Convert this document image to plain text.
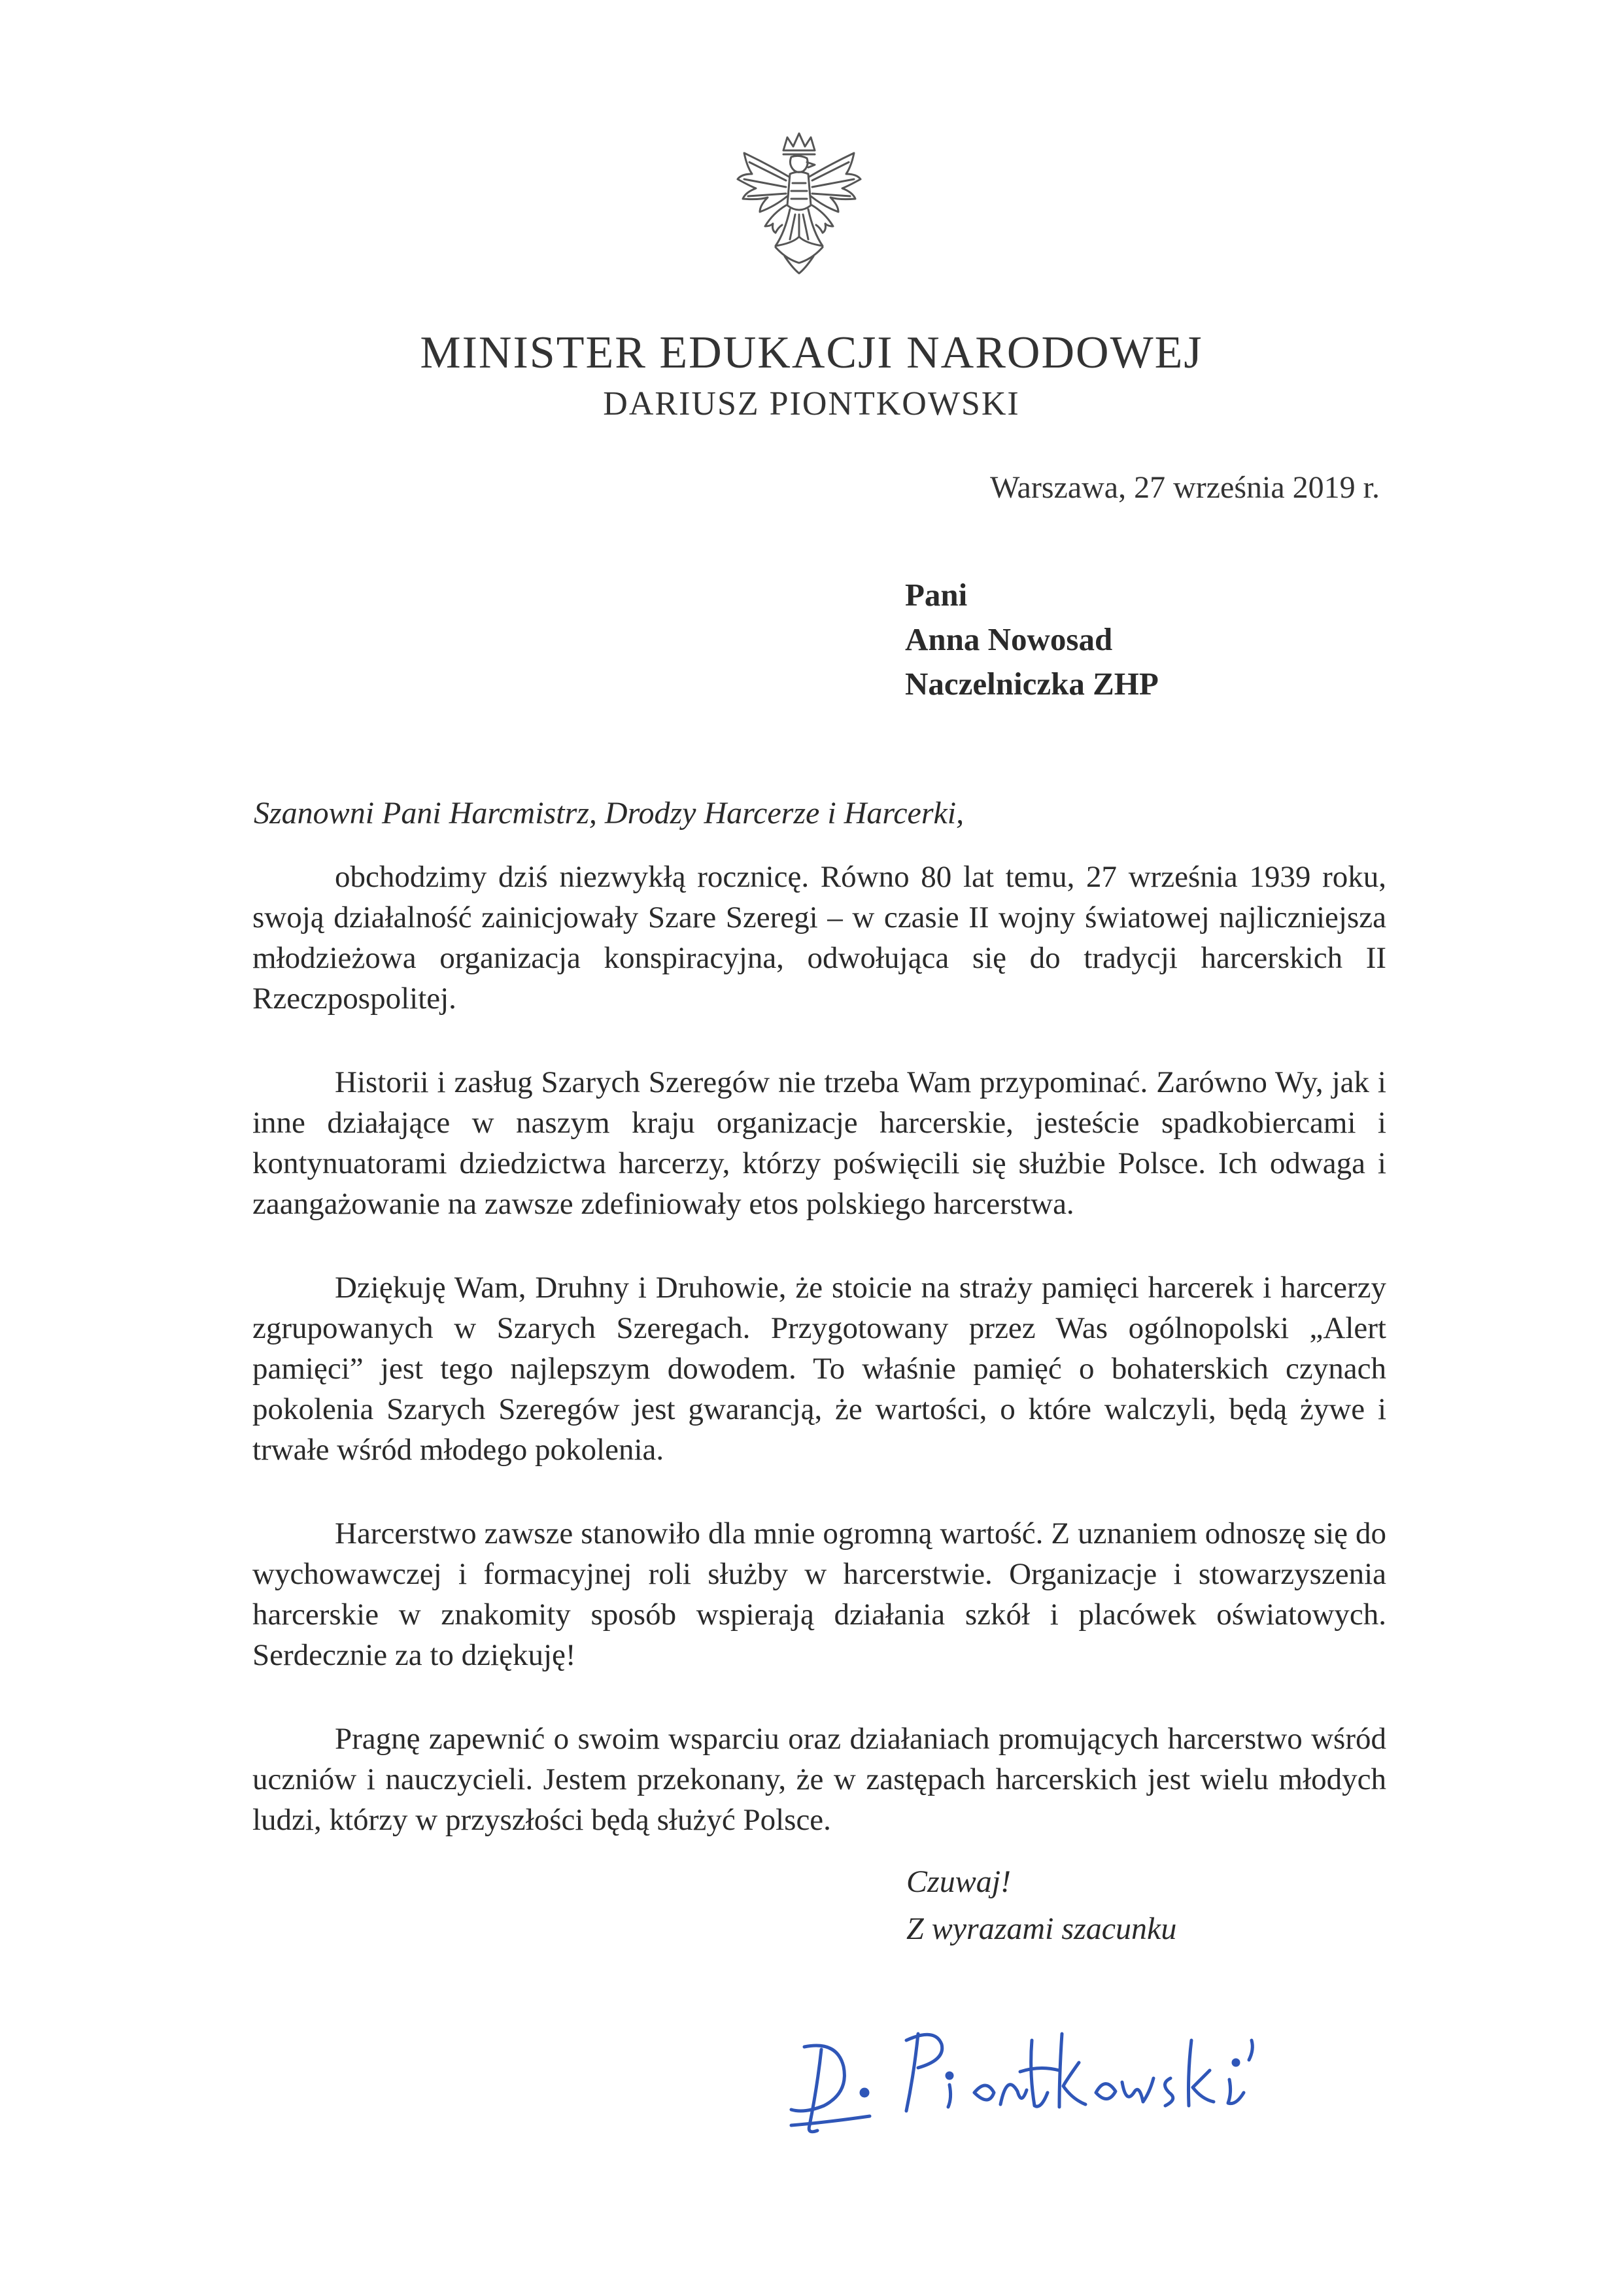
MINISTER EDUKACJI NARODOWEJ
DARIUSZ PIONTKOWSKI
Warszawa, 27 września 2019 r.
Pani
Anna Nowosad
Naczelniczka ZHP
Szanowni Pani Harcmistrz, Drodzy Harcerze i Harcerki,

obchodzimy dziś niezwykłą rocznicę. Równo 80 lat temu, 27 września 1939 roku, swoją działalność zainicjowały Szare Szeregi – w czasie II wojny światowej najliczniejsza młodzieżowa organizacja konspiracyjna, odwołująca się do tradycji harcerskich II Rzeczpospolitej.

Historii i zasług Szarych Szeregów nie trzeba Wam przypominać. Zarówno Wy, jak i inne działające w naszym kraju organizacje harcerskie, jesteście spadkobiercami i kontynuatorami dziedzictwa harcerzy, którzy poświęcili się służbie Polsce. Ich odwaga i zaangażowanie na zawsze zdefiniowały etos polskiego harcerstwa.

Dziękuję Wam, Druhny i Druhowie, że stoicie na straży pamięci harcerek i harcerzy zgrupowanych w Szarych Szeregach. Przygotowany przez Was ogólnopolski „Alert pamięci” jest tego najlepszym dowodem. To właśnie pamięć o bohaterskich czynach pokolenia Szarych Szeregów jest gwarancją, że wartości, o które walczyli, będą żywe i trwałe wśród młodego pokolenia.

Harcerstwo zawsze stanowiło dla mnie ogromną wartość. Z uznaniem odnoszę się do wychowawczej i formacyjnej roli służby w harcerstwie. Organizacje i stowarzyszenia harcerskie w znakomity sposób wspierają działania szkół i placówek oświatowych. Serdecznie za to dziękuję!

Pragnę zapewnić o swoim wsparciu oraz działaniach promujących harcerstwo wśród uczniów i nauczycieli. Jestem przekonany, że w zastępach harcerskich jest wielu młodych ludzi, którzy w przyszłości będą służyć Polsce.

Czuwaj!
Z wyrazami szacunku
